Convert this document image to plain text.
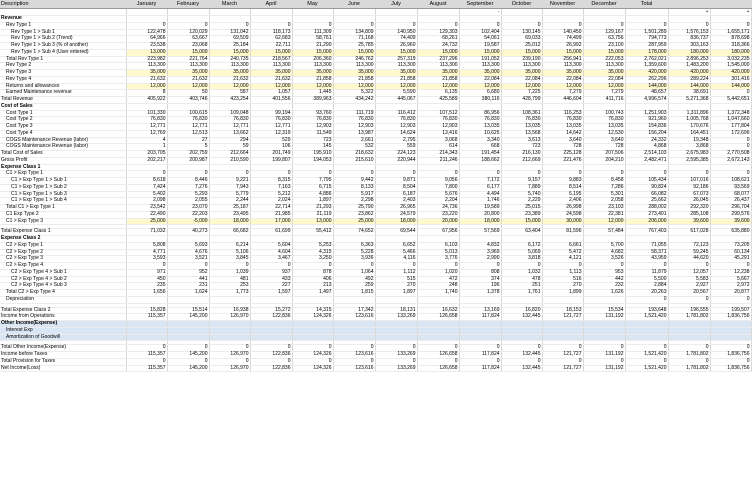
Description	January	February	March	April	May	June	July	August	September	October	November	December	Total		
									-					+	+
Revenue															
Rev Type 1	0	0	0	0	0	0	0	0	0	0	0	0	0	0	0
Rev Type 1 > Sub 1	122,478	120,029	131,042	118,173	111,309	134,809	140,950	129,303	102,404	130,145	140,450	129,167	1,501,289	1,576,153	1,655,171
Rev Type 1 > Sub 2 (Trend)	64,966	63,667	69,509	62,683	58,761	71,168	74,409	68,261	54,061	69,033	74,499	63,756	794,773	836,737	878,698
Rev Type 1 > Sub 3 (% of another)	23,538	23,068	25,184	22,711	21,290	25,785	26,960	24,732	19,587	25,012	26,992	23,100	287,959	303,163	318,366
Rev Type 1 > Sub 4 (User entered)	13,000	15,000	15,000	15,000	15,000	15,000	15,000	15,000	15,000	15,000	15,000	15,000	178,000	180,000	180,000
Total Rev Type 1	223,982	221,764	240,735	218,567	206,360	246,762	257,319	237,296	191,052	239,190	256,941	222,053	2,762,021	2,896,253	3,032,235
Rev Type 2	113,300	113,300	113,300	113,300	113,300	113,300	113,300	113,300	113,300	113,300	113,300	113,300	1,359,600	1,483,200	1,545,000
Rev Type 3	35,000	35,000	35,000	35,000	35,000	35,000	35,000	35,000	35,000	35,000	35,000	35,000	420,000	420,000	420,000
Rev Type 4	21,632	21,632	21,632	21,632	21,858	21,858	21,858	21,858	22,084	22,084	22,084	22,084	262,296	289,224	301,416
Returns and allowances	12,000	12,000	12,000	12,000	12,000	12,000	12,000	12,000	12,000	12,000	12,000	12,000	144,000	144,000	144,000
Earned Maintenance revenue	8	50	587	1,057	1,445	5,322	5,590	6,135	6,680	7,225	7,279	7,279	48,657	38,691	0
Total Revenue	405,922	403,746	423,254	401,556	389,963	434,242	445,067	425,589	380,116	428,799	446,604	411,716	4,996,574	5,271,368	5,442,651
Cost of Sales															
Cost Type 1	101,330	100,615	109,048	99,194	93,760	111,719	116,412	107,512	86,956	108,361	116,253	100,743	1,251,903	1,311,896	1,372,348
Cost Type 2	76,830	76,830	76,830	76,830	76,830	76,830	76,830	76,830	76,830	76,830	76,830	76,830	921,960	1,005,768	1,047,660
Cost Type 3	12,771	12,771	12,771	12,771	12,903	12,903	12,903	12,903	13,035	13,035	13,035	13,035	154,836	170,676	177,804
Cost Type 4	12,769	12,513	13,662	12,319	11,549	13,987	14,624	13,416	10,625	13,568	14,642	12,530	156,204	164,451	172,696
COGS Maintenance Revenue (labor)	4	27	294	529	723	2,661	2,795	3,068	3,340	3,613	3,640	3,640	24,332	19,348	0
COGS Maintenance Revenue (labor)	1	5	59	106	145	532	559	614	668	723	728	728	4,868	3,868	0
Total Cost of Sales	203,705	202,759	212,664	201,749	195,910	218,632	224,123	214,343	191,454	216,130	225,128	207,506	2,514,103	2,675,983	2,770,508
Gross Profit	202,217	200,987	210,590	199,807	194,053	215,610	220,944	211,246	188,662	212,669	221,476	204,210	2,482,471	2,595,385	2,672,143
Expense Class 1															
C1 > Exp Type 1	0	0	0	0	0	0	0	0	0	0	0	0	0	0	0
C1 > Exp Type 1 > Sub 1	8,618	8,446	9,221	8,315	7,795	9,442	9,871	9,056	7,172	9,157	9,883	8,458	105,434	107,016	108,621
C1 > Exp Type 1 > Sub 2	7,424	7,276	7,943	7,163	6,715	8,133	8,504	7,800	6,177	7,889	8,514	7,286	90,824	92,186	93,569
C1 > Exp Type 1 > Sub 3	5,402	5,293	5,779	5,212	4,886	5,917	6,187	5,676	4,494	5,740	6,195	5,301	66,082	67,073	68,077
C1 > Exp Type 1 > Sub 4	2,098	2,055	2,244	2,024	1,897	2,298	2,403	2,204	1,746	2,229	2,406	2,058	25,662	26,045	26,437
Total C1 > Exp Type 1	23,542	23,070	25,187	22,714	21,293	25,790	26,965	24,736	19,589	25,015	26,998	23,103	288,002	292,320	296,704
C1 Exp Type 2	22,490	22,203	23,495	21,985	21,119	23,862	24,579	23,220	20,800	23,389	24,598	22,381	273,401	285,108	299,576
C1 > Exp Type 3	25,000	-5,000	18,000	17,000	13,000	25,000	18,000	20,000	18,000	15,000	30,000	12,000	206,000	39,600	39,600

Total Expense Class 1	71,032	40,273	66,682	61,699	55,412	74,652	69,544	67,956	57,569	63,404	81,596	57,484	767,403	617,028	635,880
Expense Class 2															
C2 > Exp Type 1	5,808	5,693	6,214	5,604	5,253	6,363	6,652	6,103	4,832	6,172	6,661	5,700	71,055	72,123	73,205
C2 > Exp Type 2	4,771	4,676	5,106	4,604	4,315	5,228	5,466	5,013	3,969	5,069	5,472	4,682	58,371	59,245	60,134
C2 > Exp Type 3	3,593	3,521	3,845	3,467	3,250	3,936	4,116	3,776	2,990	3,818	4,121	3,526	43,959	44,620	45,291
C2 > Exp Type 4	0	0	0	0	0	0	0	0	0	0	0	0	0	0	0
C2 > Exp Type 4 > Sub 1	971	952	1,039	937	878	1,064	1,112	1,020	808	1,032	1,113	953	11,879	12,057	12,238
C2 > Exp Type 4 > Sub 2	450	441	481	433	406	492	515	472	374	478	516	442	5,500	5,583	5,667
C2 > Exp Type 4 > Sub 3	235	231	253	227	213	259	270	248	196	251	270	232	2,884	2,927	2,972
Total C2 > Exp Type 4	1,656	1,624	1,773	1,597	1,497	1,815	1,897	1,740	1,378	1,761	1,899	1,626	20,263	20,567	20,877
Depreciation													0	0	0

Total Expense Class 2	15,828	15,514	16,938	15,272	14,315	17,342	18,131	16,632	13,169	16,820	18,153	15,534	193,648	196,555	199,507
Income from Operations	115,357	145,200	126,970	122,836	124,326	123,616	133,269	126,658	117,824	132,445	121,727	131,192	1,521,420	1,781,802	1,836,756
Other Income(Expense)															
Interest Exp															
Amortization of Goodwill															

Total Other Income(Expense)	0	0	0	0	0	0	0	0	0	0	0	0	0	0	0
Income before Taxes	115,357	145,200	126,970	122,836	124,326	123,616	133,269	126,658	117,824	132,445	121,727	131,192	1,521,420	1,781,802	1,836,756
Total Provision for Taxes	0	0	0	0	0	0	0	0	0	0	0	0	0	0	0
Net Income(Loss)	115,357	145,200	126,970	122,836	124,326	123,616	133,269	126,658	117,824	132,445	121,727	131,192	1,521,420	1,781,802	1,836,756
